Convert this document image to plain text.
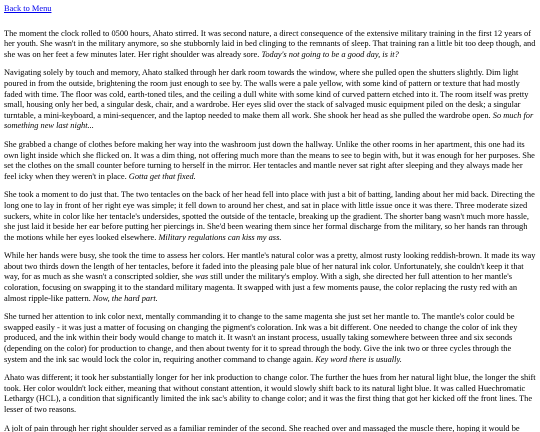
Back to Menu

The moment the clock rolled to 0500 hours, Ahato stirred. It was second nature, a direct consequence of the extensive military training in the first 12 years of her youth. She wasn't in the military anymore, so she stubbornly laid in bed clinging to the remnants of sleep. That training ran a little bit too deep though, and she was on her feet a few minutes later. Her right shoulder was already sore. Today's not going to be a good day, is it?

Navigating solely by touch and memory, Ahato stalked through her dark room towards the window, where she pulled open the shutters slightly. Dim light poured in from the outside, brightening the room just enough to see by. The walls were a pale yellow, with some kind of pattern or texture that had mostly faded with time. The floor was cold, earth-toned tiles, and the ceiling a dull white with some kind of curved pattern etched into it. The room itself was pretty small, housing only her bed, a singular desk, chair, and a wardrobe. Her eyes slid over the stack of salvaged music equipment piled on the desk; a singular turntable, a mini-keyboard, a mini-sequencer, and the laptop needed to make them all work. She shook her head as she pulled the wardrobe open. So much for something new last night...

She grabbed a change of clothes before making her way into the washroom just down the hallway. Unlike the other rooms in her apartment, this one had its own light inside which she flicked on. It was a dim thing, not offering much more than the means to see to begin with, but it was enough for her purposes. She set the clothes on the small counter before turning to herself in the mirror. Her tentacles and mantle never sat right after sleeping and they always made her feel icky when they weren't in place. Gotta get that fixed.

She took a moment to do just that. The two tentacles on the back of her head fell into place with just a bit of batting, landing about her mid back. Directing the long one to lay in front of her right eye was simple; it fell down to around her chest, and sat in place with little issue once it was there. Three moderate sized suckers, white in color like her tentacle's undersides, spotted the outside of the tentacle, breaking up the gradient. The shorter bang wasn't much more hassle, she just laid it beside her ear before putting her piercings in. She'd been wearing them since her formal discharge from the military, so her hands ran through the motions while her eyes looked elsewhere. Military regulations can kiss my ass.

While her hands were busy, she took the time to assess her colors. Her mantle's natural color was a pretty, almost rusty looking reddish-brown. It made its way about two thirds down the length of her tentacles, before it faded into the pleasing pale blue of her natural ink color. Unfortunately, she couldn't keep it that way, for as much as she wasn't a conscripted soldier, she was still under the military's employ. With a sigh, she directed her full attention to her mantle's coloration, focusing on swapping it to the standard military magenta. It swapped with just a few moments pause, the color replacing the rusty red with an almost ripple-like pattern. Now, the hard part.

She turned her attention to ink color next, mentally commanding it to change to the same magenta she just set her mantle to. The mantle's color could be swapped easily - it was just a matter of focusing on changing the pigment's coloration. Ink was a bit different. One needed to change the color of ink they produced, and the ink within their body would change to match it. It wasn't an instant process, usually taking somewhere between three and six seconds (depending on the color) for production to change, and then about twenty for it to spread through the body. Give the ink two or three cycles through the system and the ink sac would lock the color in, requiring another command to change again. Key word there is usually.

Ahato was different; it took her substantially longer for her ink production to change color. The further the hues from her natural light blue, the longer the shift took. Her color wouldn't lock either, meaning that without constant attention, it would slowly shift back to its natural light blue. It was called Huechromatic Lethargy (HCL), a condition that significantly limited the ink sac's ability to change color; and it was the first thing that got her kicked off the front lines. The lesser of two reasons.

A jolt of pain through her right shoulder served as a familiar reminder of the second. She reached over and massaged the muscle there, hoping it would be
